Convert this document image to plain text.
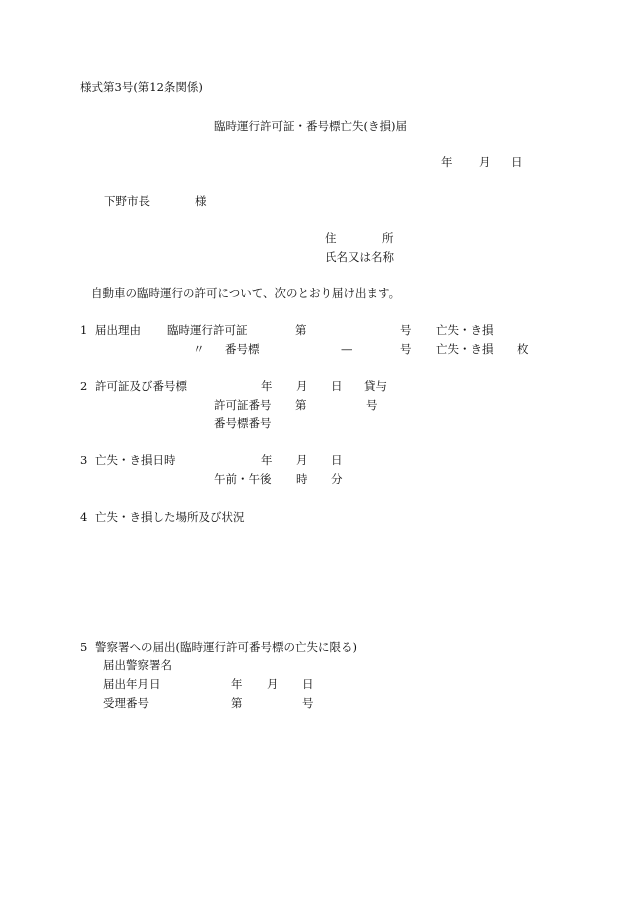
様式第3号(第12条関係)
臨時運行許可証・番号標亡失(き損)届
年 月 日
下野市長	様
住	所
氏名又は名称
自動車の臨時運行の許可について、次のとおり届け出ます。
1 届出理由 臨時運行許可証	第	号 亡失・き損
〃 番号標	—	号 亡失・き損 枚
2 許可証及び番号標	年 月 日 貸与
許可証番号 第	号
番号標番号
3 亡失・き損日時	年 月 日
午前・午後 時 分
4 亡失・き損した場所及び状況
5 警察署への届出(臨時運行許可番号標の亡失に限る)
届出警察署名
届出年月日	年 月 日
受理番号	第	号
